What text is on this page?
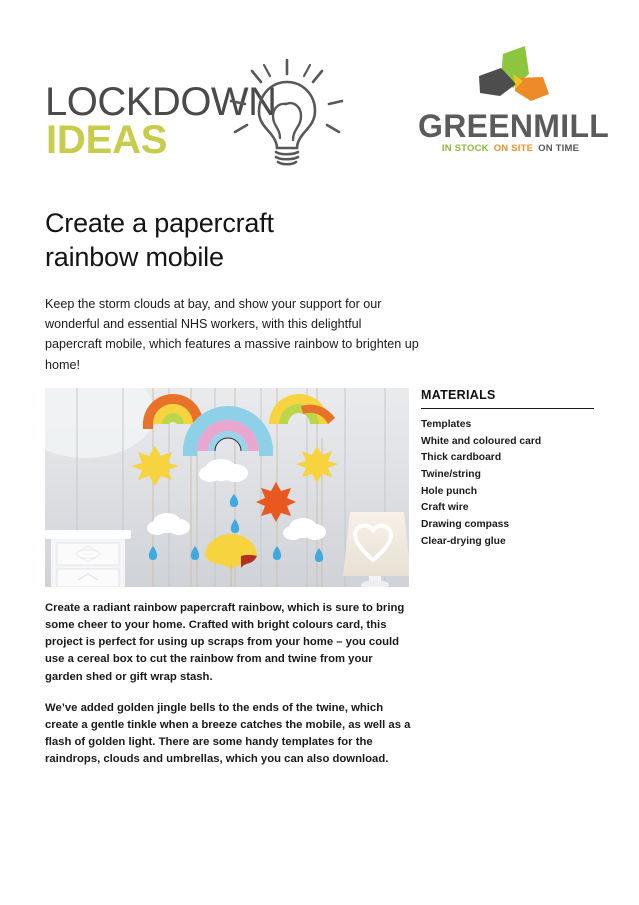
LOCKDOWN
IDEAS	GREENMILL
IN STOCK ON SITE ON TIME
Create a papercraft
rainbow mobile

Keep the storm clouds at bay, and show your support for our wonderful and essential NHS workers, with this delightful papercraft mobile, which features a massive rainbow to brighten up home!

MATERIALS
Templates
White and coloured card
Thick cardboard
Twine/string
Hole punch
Craft wire
Drawing compass
Clear-drying glue

Create a radiant rainbow papercraft rainbow, which is sure to bring some cheer to your home. Crafted with bright colours card, this project is perfect for using up scraps from your home – you could use a cereal box to cut the rainbow from and twine from your garden shed or gift wrap stash.

We’ve added golden jingle bells to the ends of the twine, which create a gentle tinkle when a breeze catches the mobile, as well as a flash of golden light. There are some handy templates for the raindrops, clouds and umbrellas, which you can also download.
